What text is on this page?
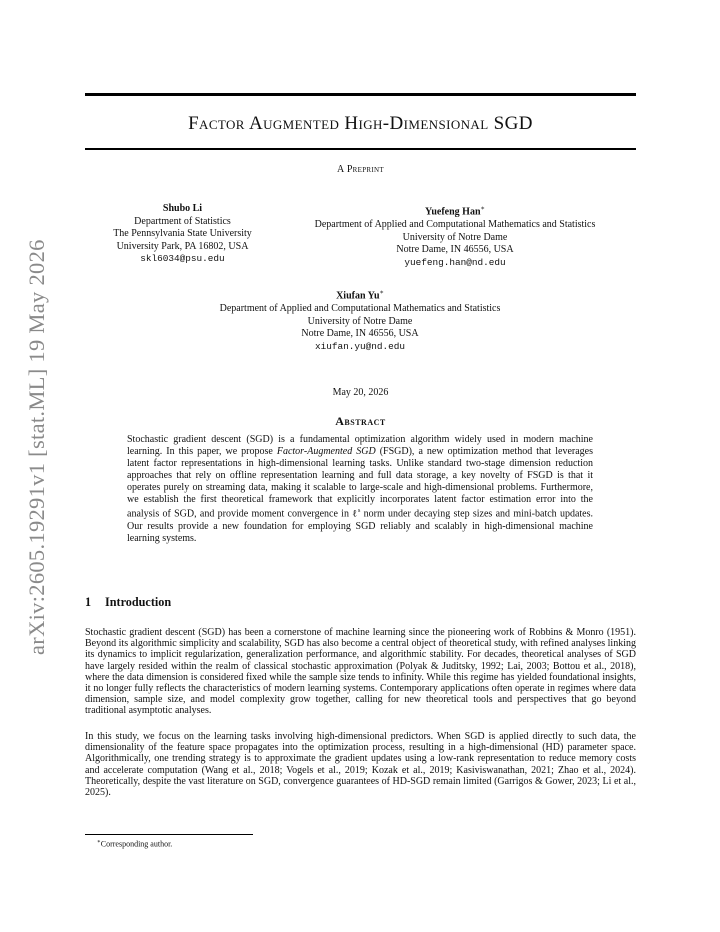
arXiv:2605.19291v1 [stat.ML] 19 May 2026
Factor Augmented High-Dimensional SGD
A Preprint
Shubo Li
Department of Statistics
The Pennsylvania State University
University Park, PA 16802, USA
skl6034@psu.edu
Yuefeng Han∗
Department of Applied and Computational Mathematics and Statistics
University of Notre Dame
Notre Dame, IN 46556, USA
yuefeng.han@nd.edu
Xiufan Yu∗
Department of Applied and Computational Mathematics and Statistics
University of Notre Dame
Notre Dame, IN 46556, USA
xiufan.yu@nd.edu
May 20, 2026
Abstract
Stochastic gradient descent (SGD) is a fundamental optimization algorithm widely used in modern machine learning. In this paper, we propose Factor-Augmented SGD (FSGD), a new optimization method that leverages latent factor representations in high-dimensional learning tasks. Unlike standard two-stage dimension reduction approaches that rely on offline representation learning and full data storage, a key novelty of FSGD is that it operates purely on streaming data, making it scalable to large-scale and high-dimensional problems. Furthermore, we establish the first theoretical framework that explicitly incorporates latent factor estimation error into the analysis of SGD, and provide moment convergence in ℓ$^s$ norm under decaying step sizes and mini-batch updates. Our results provide a new foundation for employing SGD reliably and scalably in high-dimensional machine learning systems.
1 Introduction

Stochastic gradient descent (SGD) has been a cornerstone of machine learning since the pioneering work of Robbins & Monro (1951). Beyond its algorithmic simplicity and scalability, SGD has also become a central object of theoretical study, with refined analyses linking its dynamics to implicit regularization, generalization performance, and algorithmic stability. For decades, theoretical analyses of SGD have largely resided within the realm of classical stochastic approximation (Polyak & Juditsky, 1992; Lai, 2003; Bottou et al., 2018), where the data dimension is considered fixed while the sample size tends to infinity. While this regime has yielded foundational insights, it no longer fully reflects the characteristics of modern learning systems. Contemporary applications often operate in regimes where data dimension, sample size, and model complexity grow together, calling for new theoretical tools and perspectives that go beyond traditional asymptotic analyses.

In this study, we focus on the learning tasks involving high-dimensional predictors. When SGD is applied directly to such data, the dimensionality of the feature space propagates into the optimization process, resulting in a high-dimensional (HD) parameter space. Algorithmically, one trending strategy is to approximate the gradient updates using a low-rank representation to reduce memory costs and accelerate computation (Wang et al., 2018; Vogels et al., 2019; Kozak et al., 2019; Kasiviswanathan, 2021; Zhao et al., 2024). Theoretically, despite the vast literature on SGD, convergence guarantees of HD-SGD remain limited (Garrigos & Gower, 2023; Li et al., 2025).

∗Corresponding author.
